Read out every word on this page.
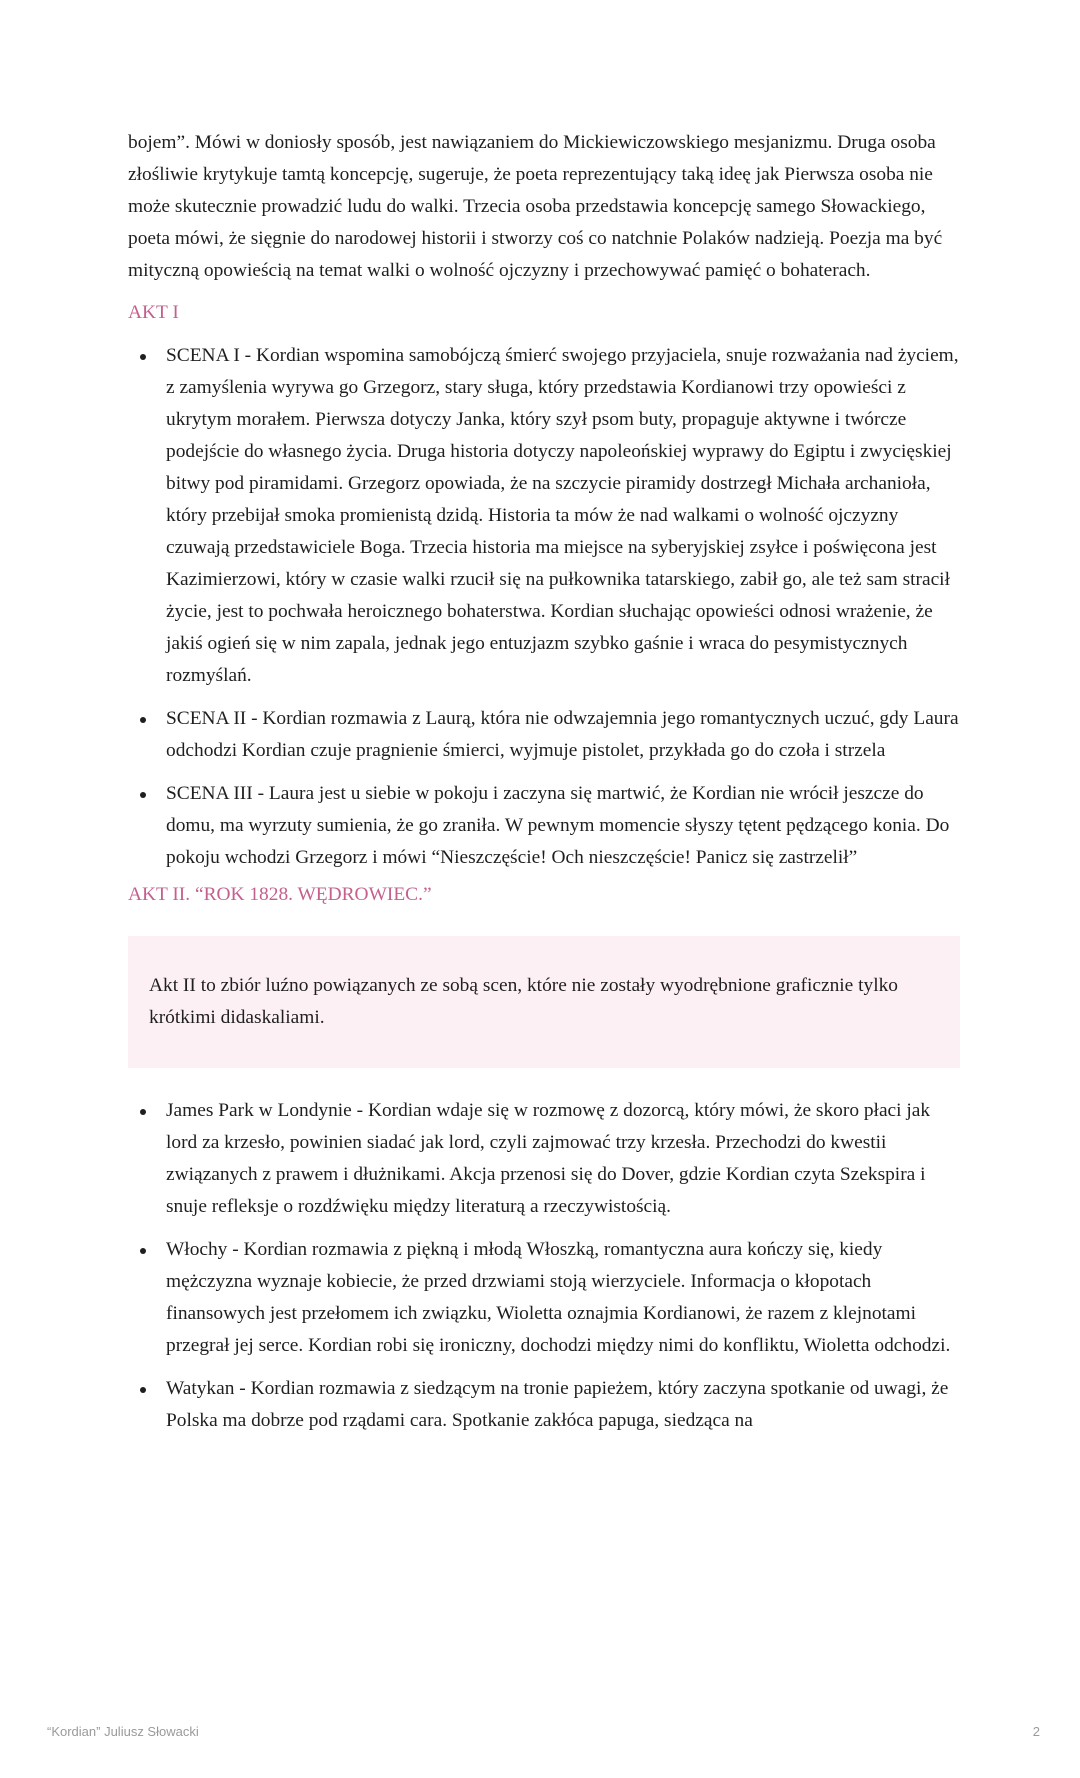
bojem”. Mówi w doniosły sposób, jest nawiązaniem do Mickiewiczowskiego mesjanizmu. Druga osoba złośliwie krytykuje tamtą koncepcję, sugeruje, że poeta reprezentujący taką ideę jak Pierwsza osoba nie może skutecznie prowadzić ludu do walki. Trzecia osoba przedstawia koncepcję samego Słowackiego, poeta mówi, że sięgnie do narodowej historii i stworzy coś co natchnie Polaków nadzieją. Poezja ma być mityczną opowieścią na temat walki o wolność ojczyzny i przechowywać pamięć o bohaterach.

AKT I
SCENA I - Kordian wspomina samobójczą śmierć swojego przyjaciela, snuje rozważania nad życiem, z zamyślenia wyrywa go Grzegorz, stary sługa, który przedstawia Kordianowi trzy opowieści z ukrytym morałem. Pierwsza dotyczy Janka, który szył psom buty, propaguje aktywne i twórcze podejście do własnego życia. Druga historia dotyczy napoleońskiej wyprawy do Egiptu i zwycięskiej bitwy pod piramidami. Grzegorz opowiada, że na szczycie piramidy dostrzegł Michała archanioła, który przebijał smoka promienistą dzidą. Historia ta mów że nad walkami o wolność ojczyzny czuwają przedstawiciele Boga. Trzecia historia ma miejsce na syberyjskiej zsyłce i poświęcona jest Kazimierzowi, który w czasie walki rzucił się na pułkownika tatarskiego, zabił go, ale też sam stracił życie, jest to pochwała heroicznego bohaterstwa. Kordian słuchając opowieści odnosi wrażenie, że jakiś ogień się w nim zapala, jednak jego entuzjazm szybko gaśnie i wraca do pesymistycznych rozmyślań.
SCENA II - Kordian rozmawia z Laurą, która nie odwzajemnia jego romantycznych uczuć, gdy Laura odchodzi Kordian czuje pragnienie śmierci, wyjmuje pistolet, przykłada go do czoła i strzela
SCENA III - Laura jest u siebie w pokoju i zaczyna się martwić, że Kordian nie wrócił jeszcze do domu, ma wyrzuty sumienia, że go zraniła. W pewnym momencie słyszy tętent pędzącego konia. Do pokoju wchodzi Grzegorz i mówi “Nieszczęście! Och nieszczęście! Panicz się zastrzelił”
AKT II. “ROK 1828. WĘDROWIEC.”
Akt II to zbiór luźno powiązanych ze sobą scen, które nie zostały wyodrębnione graficznie tylko krótkimi didaskaliami.
James Park w Londynie - Kordian wdaje się w rozmowę z dozorcą, który mówi, że skoro płaci jak lord za krzesło, powinien siadać jak lord, czyli zajmować trzy krzesła. Przechodzi do kwestii związanych z prawem i dłużnikami. Akcja przenosi się do Dover, gdzie Kordian czyta Szekspira i snuje refleksje o rozdźwięku między literaturą a rzeczywistością.
Włochy - Kordian rozmawia z piękną i młodą Włoszką, romantyczna aura kończy się, kiedy mężczyzna wyznaje kobiecie, że przed drzwiami stoją wierzyciele. Informacja o kłopotach finansowych jest przełomem ich związku, Wioletta oznajmia Kordianowi, że razem z klejnotami przegrał jej serce. Kordian robi się ironiczny, dochodzi między nimi do konfliktu, Wioletta odchodzi.
Watykan - Kordian rozmawia z siedzącym na tronie papieżem, który zaczyna spotkanie od uwagi, że Polska ma dobrze pod rządami cara. Spotkanie zakłóca papuga, siedząca na
“Kordian” Juliusz Słowacki	2
